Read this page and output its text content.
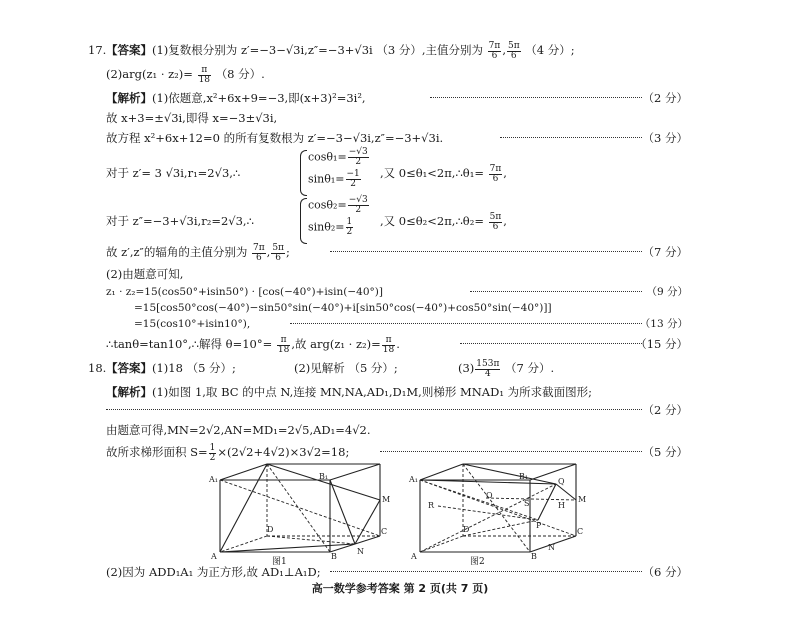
17. 【答案】 (1)复数根分别为 z′=−3−√3i,z″=−3+√3i （3 分）,主值分别为 $\frac{7\pi}{6}$ , $\frac{5\pi}{6} (4$ 分）;
$(2)arg(z_1 \cdot z_2)= \frac{\pi}{18} (8$ 分）.
【解析】 (1)依题意,x²+6x+9=−3,即(x+3)²=3i²,	（2 分）
故 x+3=±√3i,即得 x=−3±√3i,
故方程 x²+6x+12=0 的所有复数根为 z′=−3−√3i,z″=−3+√3i.	（3 分）
对于 z′= 3 √3i,r₁=2√3,∴
$\cos\theta_1= \frac{-√3}{2}$
$\sin\theta_1= \frac{-1}{2}$ ,又 0≤θ₁<2π,∴θ₁= $\frac{7\pi}{6}$ ,
对于 z″=−3+√3i,r₂=2√3,∴
$\cos\theta_2= \frac{-√3}{2}$
$\sin\theta_2= \frac{1}{2}$ ,又 0≤θ₂<2π,∴θ₂= $\frac{5\pi}{6}$ ,
故 z′,z″的辐角的主值分别为 $\frac{7\pi}{6}$ , $\frac{5\pi}{6}$ ;	（7 分）
(2)由题意可知,
z₁ · z₂=15(cos50°+isin50°) · [cos(−40°)+isin(−40°)]	（9 分）
=15[cos50°cos(−40°)−sin50°sin(−40°)+i[sin50°cos(−40°)+cos50°sin(−40°)]]
=15(cos10°+isin10°),	（13 分）
∴tanθ=tan10°,∴解得 $\theta=10^\circ= \frac{\pi}{18}$ ,故 $arg(z_1 \cdot z_2)= \frac{\pi}{18}$ .	（15 分）
18. 【答案】 (1)18 （5 分）;	(2)见解析 （5 分）;	$(3) \frac{153\pi}{4} (7$ 分）.
【解析】 (1)如图 1,取 BC 的中点 N,连接 MN,NA,AD₁,D₁M,则梯形 MNAD₁ 为所求截面图形;
（2 分）
由题意可得,MN=2√2,AN=MD₁=2√5,AD₁=4√2.
故所求梯形面积 $S= \frac{1}{2} \times(2√2+4√2)\times 3√2=18$;	（5 分）
A₁	B₁
M
D	C
N
A	B
图1
A₁	B₁
Q
M
O
H
R	S
P
D	C
N
A	B
图2
(2)因为 ADD₁A₁ 为正方形,故 AD₁⊥A₁D;	（6 分）
高一数学参考答案 第 2 页(共 7 页)
